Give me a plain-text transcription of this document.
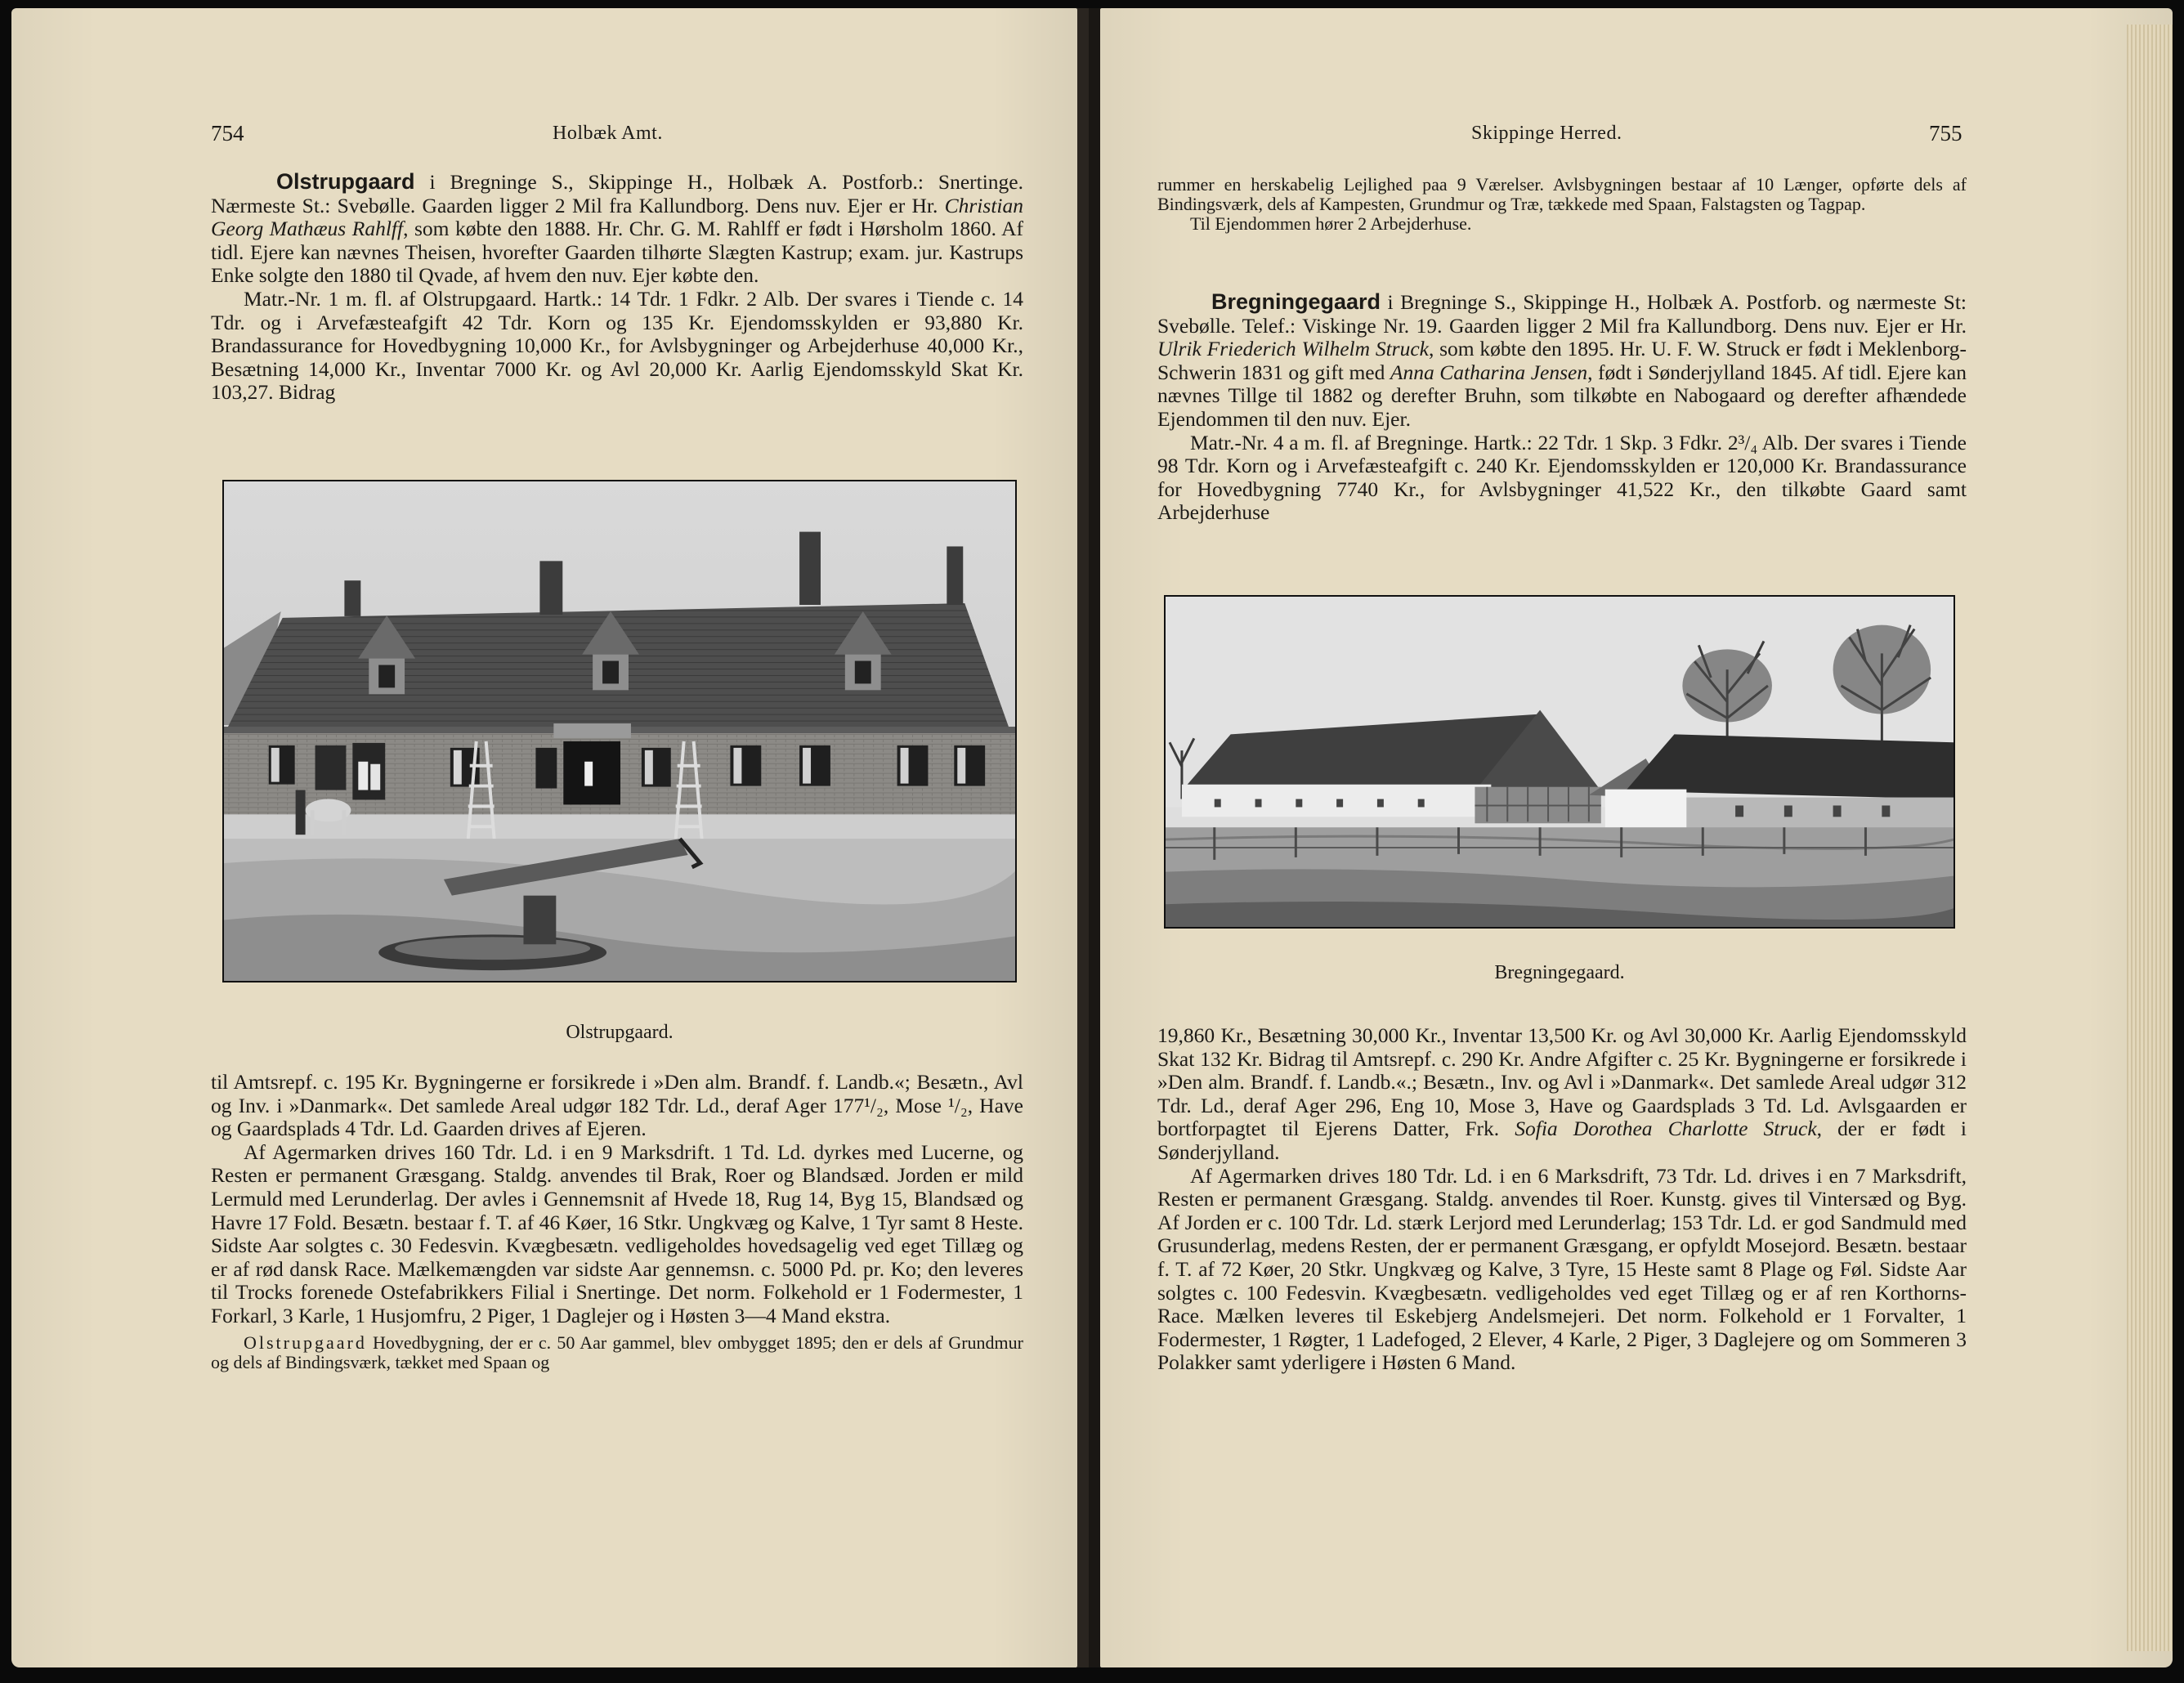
754	Holbæk Amt.

Olstrupgaard i Bregninge S., Skippinge H., Holbæk A. Postforb.: Snertinge. Nærmeste St.: Svebølle. Gaarden ligger 2 Mil fra Kallundborg. Dens nuv. Ejer er Hr. Christian Georg Mathæus Rahlff, som købte den 1888. Hr. Chr. G. M. Rahlff er født i Hørsholm 1860. Af tidl. Ejere kan nævnes Theisen, hvorefter Gaarden tilhørte Slægten Kastrup; exam. jur. Kastrups Enke solgte den 1880 til Qvade, af hvem den nuv. Ejer købte den.

Matr.-Nr. 1 m. fl. af Olstrupgaard. Hartk.: 14 Tdr. 1 Fdkr. 2 Alb. Der svares i Tiende c. 14 Tdr. og i Arvefæsteafgift 42 Tdr. Korn og 135 Kr. Ejendomsskylden er 93,880 Kr. Brandassurance for Hovedbygning 10,000 Kr., for Avlsbygninger og Arbejderhuse 40,000 Kr., Besætning 14,000 Kr., Inventar 7000 Kr. og Avl 20,000 Kr. Aarlig Ejendomsskyld Skat Kr. 103,27. Bidrag

Olstrupgaard.

til Amtsrepf. c. 195 Kr. Bygningerne er forsikrede i »Den alm. Brandf. f. Landb.«; Besætn., Avl og Inv. i »Danmark«. Det samlede Areal udgør 182 Tdr. Ld., deraf Ager 177¹/₂, Mose ¹/₂, Have og Gaardsplads 4 Tdr. Ld. Gaarden drives af Ejeren.

Af Agermarken drives 160 Tdr. Ld. i en 9 Marksdrift. 1 Td. Ld. dyrkes med Lucerne, og Resten er permanent Græsgang. Staldg. anvendes til Brak, Roer og Blandsæd. Jorden er mild Lermuld med Lerunderlag. Der avles i Gennemsnit af Hvede 18, Rug 14, Byg 15, Blandsæd og Havre 17 Fold. Besætn. bestaar f. T. af 46 Køer, 16 Stkr. Ungkvæg og Kalve, 1 Tyr samt 8 Heste. Sidste Aar solgtes c. 30 Fedesvin. Kvægbesætn. vedligeholdes hovedsagelig ved eget Tillæg og er af rød dansk Race. Mælkemængden var sidste Aar gennemsn. c. 5000 Pd. pr. Ko; den leveres til Trocks forenede Ostefabrikkers Filial i Snertinge. Det norm. Folkehold er 1 Fodermester, 1 Forkarl, 3 Karle, 1 Husjomfru, 2 Piger, 1 Daglejer og i Høsten 3—4 Mand ekstra.

Olstrupgaard Hovedbygning, der er c. 50 Aar gammel, blev ombygget 1895; den er dels af Grundmur og dels af Bindingsværk, tækket med Spaan og

Skippinge Herred.	755

rummer en herskabelig Lejlighed paa 9 Værelser. Avlsbygningen bestaar af 10 Længer, opførte dels af Bindingsværk, dels af Kampesten, Grundmur og Træ, tækkede med Spaan, Falstagsten og Tagpap.

Til Ejendommen hører 2 Arbejderhuse.

Bregningegaard i Bregninge S., Skippinge H., Holbæk A. Postforb. og nærmeste St: Svebølle. Telef.: Viskinge Nr. 19. Gaarden ligger 2 Mil fra Kallundborg. Dens nuv. Ejer er Hr. Ulrik Friederich Wilhelm Struck, som købte den 1895. Hr. U. F. W. Struck er født i Meklenborg-Schwerin 1831 og gift med Anna Catharina Jensen, født i Sønderjylland 1845. Af tidl. Ejere kan nævnes Tillge til 1882 og derefter Bruhn, som tilkøbte en Nabogaard og derefter afhændede Ejendommen til den nuv. Ejer.

Matr.-Nr. 4 a m. fl. af Bregninge. Hartk.: 22 Tdr. 1 Skp. 3 Fdkr. 2³/₄ Alb. Der svares i Tiende 98 Tdr. Korn og i Arvefæsteafgift c. 240 Kr. Ejendomsskylden er 120,000 Kr. Brandassurance for Hovedbygning 7740 Kr., for Avlsbygninger 41,522 Kr., den tilkøbte Gaard samt Arbejderhuse

Bregningegaard.

19,860 Kr., Besætning 30,000 Kr., Inventar 13,500 Kr. og Avl 30,000 Kr. Aarlig Ejendomsskyld Skat 132 Kr. Bidrag til Amtsrepf. c. 290 Kr. Andre Afgifter c. 25 Kr. Bygningerne er forsikrede i »Den alm. Brandf. f. Landb.«.; Besætn., Inv. og Avl i »Danmark«. Det samlede Areal udgør 312 Tdr. Ld., deraf Ager 296, Eng 10, Mose 3, Have og Gaardsplads 3 Td. Ld. Avlsgaarden er bortforpagtet til Ejerens Datter, Frk. Sofia Dorothea Charlotte Struck, der er født i Sønderjylland.

Af Agermarken drives 180 Tdr. Ld. i en 6 Marksdrift, 73 Tdr. Ld. drives i en 7 Marksdrift, Resten er permanent Græsgang. Staldg. anvendes til Roer. Kunstg. gives til Vintersæd og Byg. Af Jorden er c. 100 Tdr. Ld. stærk Lerjord med Lerunderlag; 153 Tdr. Ld. er god Sandmuld med Grusunderlag, medens Resten, der er permanent Græsgang, er opfyldt Mosejord. Besætn. bestaar f. T. af 72 Køer, 20 Stkr. Ungkvæg og Kalve, 3 Tyre, 15 Heste samt 8 Plage og Føl. Sidste Aar solgtes c. 100 Fedesvin. Kvægbesætn. vedligeholdes ved eget Tillæg og er af ren Korthorns-Race. Mælken leveres til Eskebjerg Andelsmejeri. Det norm. Folkehold er 1 Forvalter, 1 Fodermester, 1 Røgter, 1 Ladefoged, 2 Elever, 4 Karle, 2 Piger, 3 Daglejere og om Sommeren 3 Polakker samt yderligere i Høsten 6 Mand.
